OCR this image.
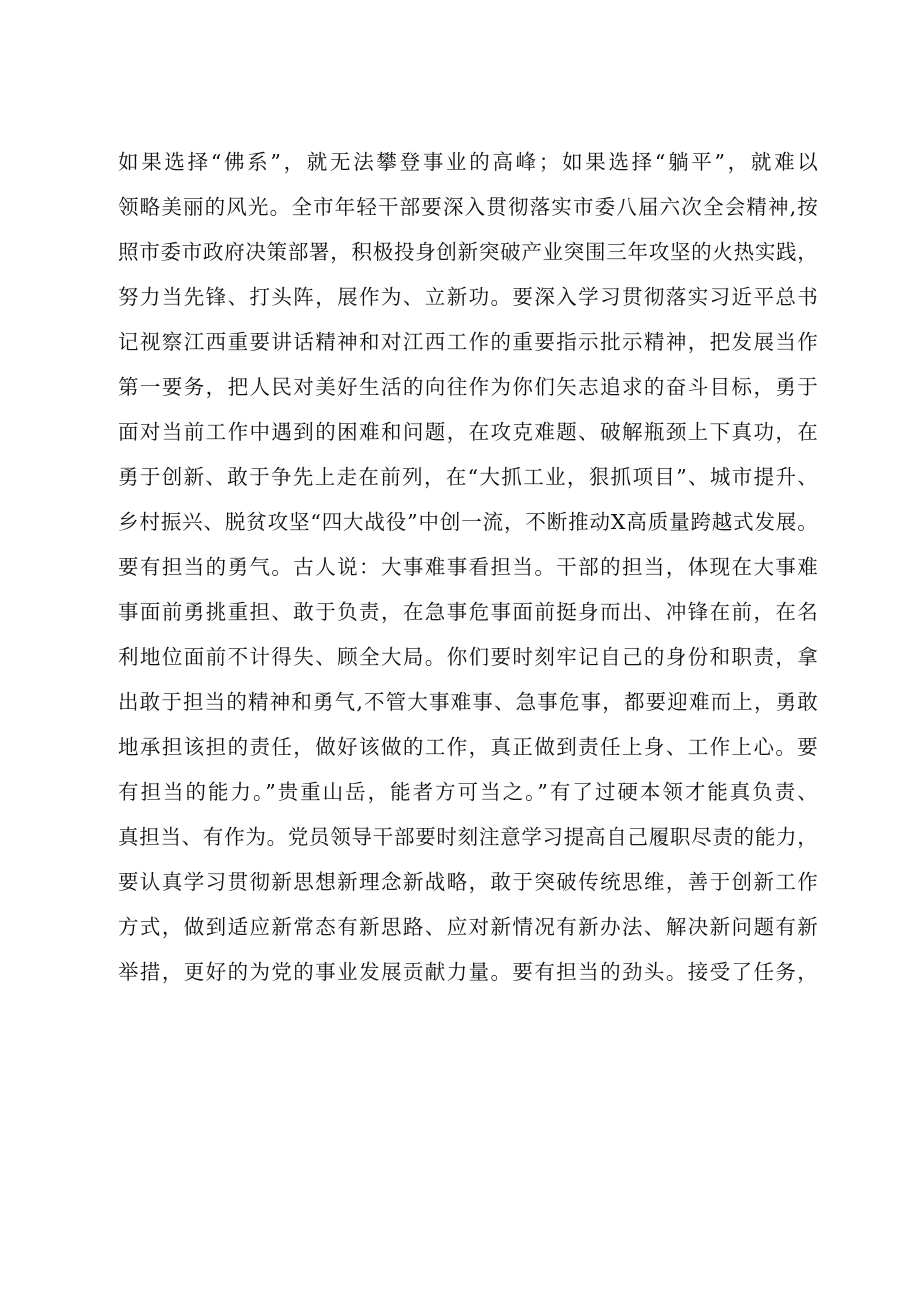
如果选择“佛系”，就无法攀登事业的高峰；如果选择“躺平”，就难以
领略美丽的风光。全市年轻干部要深入贯彻落实市委八届六次全会精神,按
照市委市政府决策部署，积极投身创新突破产业突围三年攻坚的火热实践，
努力当先锋、打头阵，展作为、立新功。要深入学习贯彻落实习近平总书
记视察江西重要讲话精神和对江西工作的重要指示批示精神，把发展当作
第一要务，把人民对美好生活的向往作为你们矢志追求的奋斗目标，勇于
面对当前工作中遇到的困难和问题，在攻克难题、破解瓶颈上下真功，在
勇于创新、敢于争先上走在前列，在“大抓工业，狠抓项目”、城市提升、
乡村振兴、脱贫攻坚“四大战役”中创一流，不断推动X高质量跨越式发展。
要有担当的勇气。古人说：大事难事看担当。干部的担当，体现在大事难
事面前勇挑重担、敢于负责，在急事危事面前挺身而出、冲锋在前，在名
利地位面前不计得失、顾全大局。你们要时刻牢记自己的身份和职责，拿
出敢于担当的精神和勇气,不管大事难事、急事危事，都要迎难而上，勇敢
地承担该担的责任，做好该做的工作，真正做到责任上身、工作上心。要
有担当的能力。”贵重山岳，能者方可当之。”有了过硬本领才能真负责、
真担当、有作为。党员领导干部要时刻注意学习提高自己履职尽责的能力，
要认真学习贯彻新思想新理念新战略，敢于突破传统思维，善于创新工作
方式，做到适应新常态有新思路、应对新情况有新办法、解决新问题有新
举措，更好的为党的事业发展贡献力量。要有担当的劲头。接受了任务，
